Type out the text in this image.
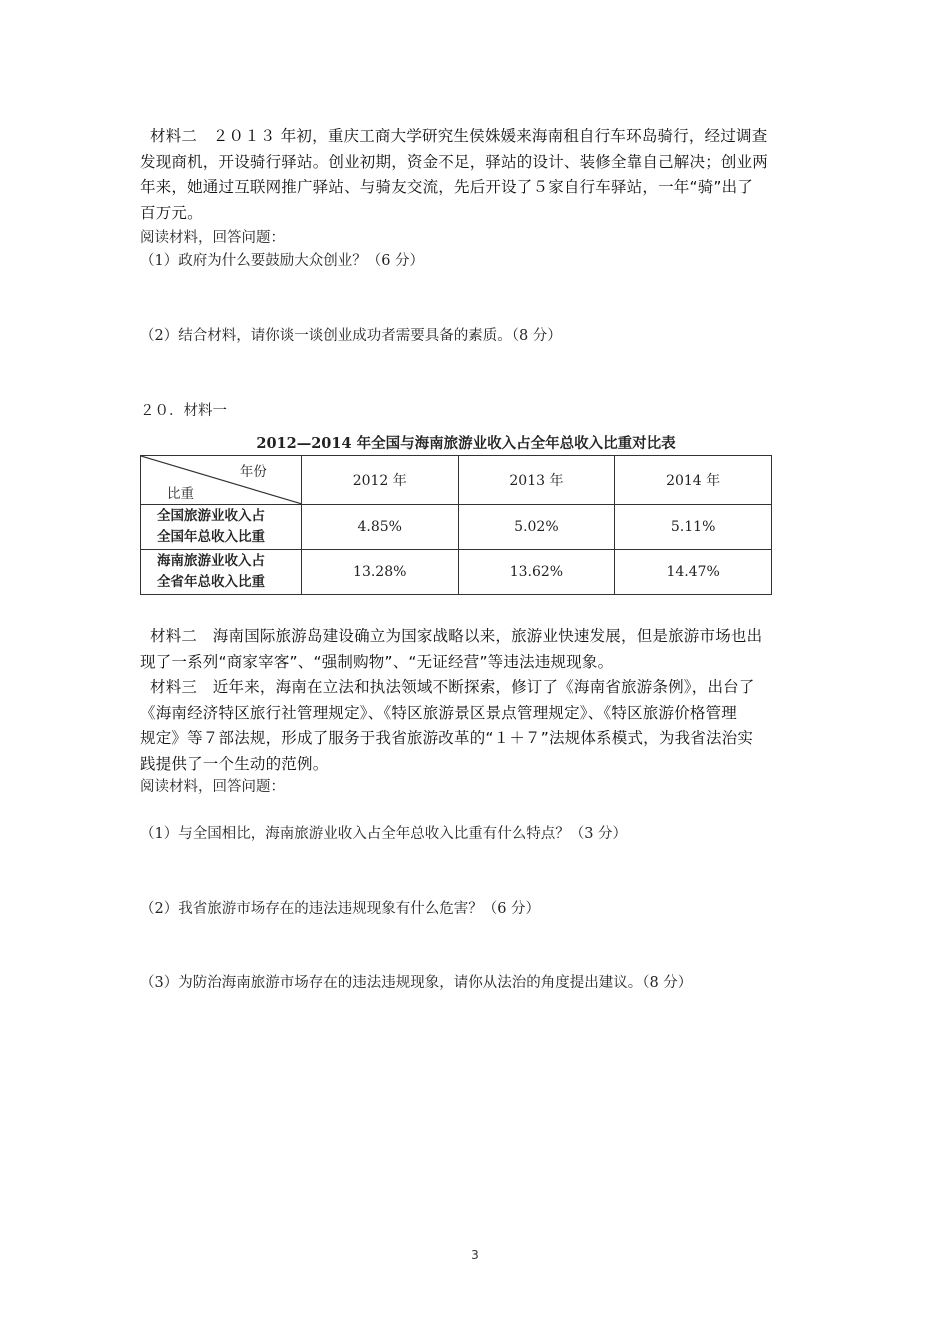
材料二　２０１３ 年初，重庆工商大学研究生侯姝媛来海南租自行车环岛骑行，经过调查
发现商机，开设骑行驿站。创业初期，资金不足，驿站的设计、装修全靠自己解决；创业两
年来，她通过互联网推广驿站、与骑友交流，先后开设了５家自行车驿站，一年“骑”出了
百万元。
阅读材料，回答问题：
（1）政府为什么要鼓励大众创业？（6 分）
（2）结合材料，请你谈一谈创业成功者需要具备的素质。（8 分）
２０．材料一
2012—2014 年全国与海南旅游业收入占全年总收入比重对比表
年份
比重	2012 年	2013 年	2014 年

全国旅游业收入占
全国年总收入比重	4.85%	5.02%	5.11%

海南旅游业收入占
全省年总收入比重	13.28%	13.62%	14.47%
材料二　海南国际旅游岛建设确立为国家战略以来，旅游业快速发展，但是旅游市场也出
现了一系列“商家宰客”、“强制购物”、“无证经营”等违法违规现象。
材料三　近年来，海南在立法和执法领域不断探索，修订了《海南省旅游条例》，出台了
《海南经济特区旅行社管理规定》、《特区旅游景区景点管理规定》、《特区旅游价格管理
规定》等７部法规，形成了服务于我省旅游改革的“１＋７”法规体系模式，为我省法治实
践提供了一个生动的范例。
阅读材料，回答问题：
（1）与全国相比，海南旅游业收入占全年总收入比重有什么特点？（3 分）
（2）我省旅游市场存在的违法违规现象有什么危害？（6 分）
（3）为防治海南旅游市场存在的违法违规现象，请你从法治的角度提出建议。（8 分）
3
